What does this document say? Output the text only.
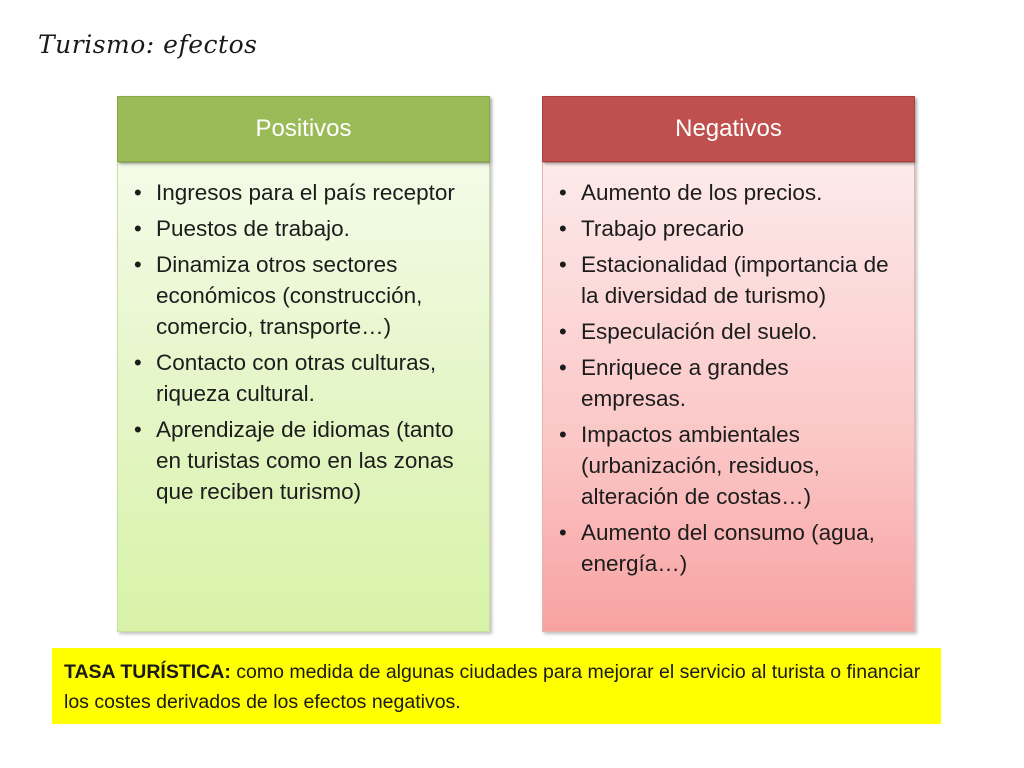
Turismo: efectos
Positivos
• Ingresos para el país receptor
• Puestos de trabajo.
• Dinamiza otros sectores económicos (construcción, comercio, transporte…)
• Contacto con otras culturas, riqueza cultural.
• Aprendizaje de idiomas (tanto en turistas como en las zonas que reciben turismo)
Negativos
• Aumento de los precios.
• Trabajo precario
• Estacionalidad (importancia de la diversidad de turismo)
• Especulación del suelo.
• Enriquece a grandes empresas.
• Impactos ambientales (urbanización, residuos, alteración de costas…)
• Aumento del consumo (agua, energía…)
TASA TURÍSTICA: como medida de algunas ciudades para mejorar el servicio al turista o financiar los costes derivados de los efectos negativos.
